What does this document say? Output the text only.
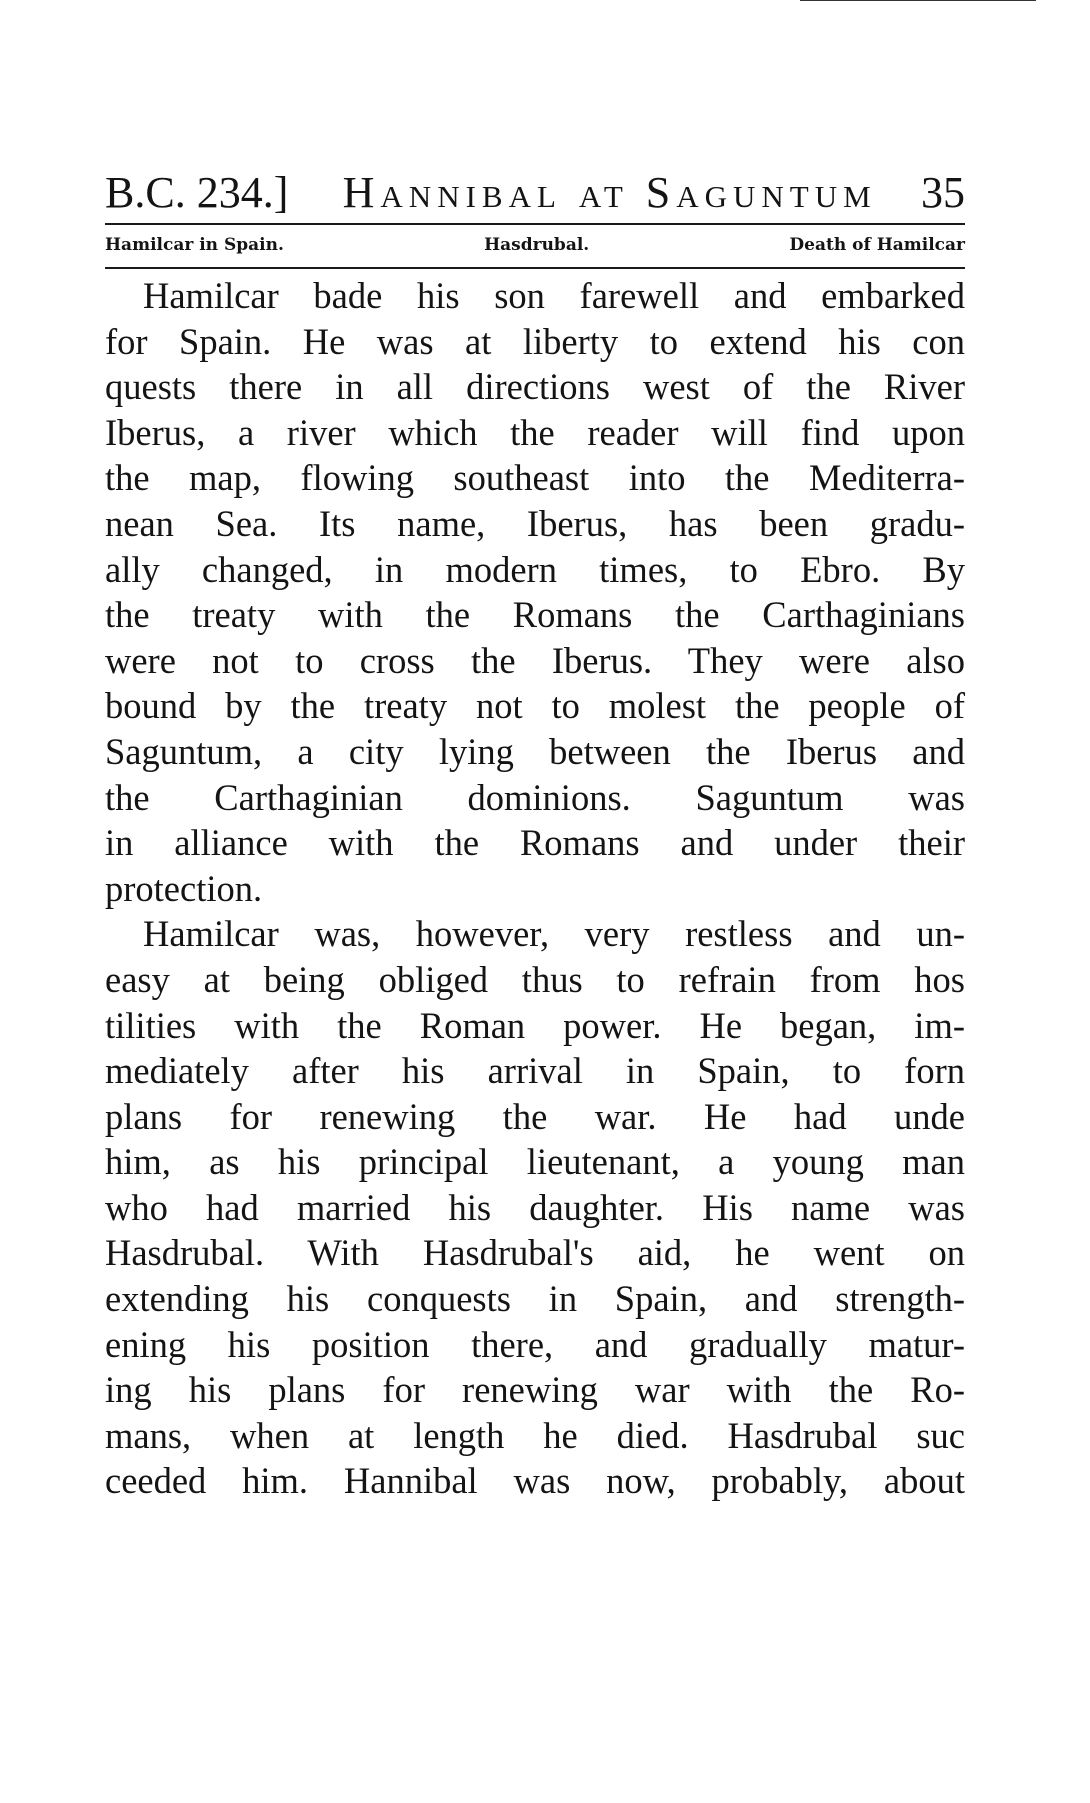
B.C. 234.]	Hannibal at Saguntum	35
Hamilcar in Spain.	Hasdrubal.	Death of Hamilcar

Hamilcar bade his son farewell and embarked
for Spain. He was at liberty to extend his con
quests there in all directions west of the River
Iberus, a river which the reader will find upon
the map, flowing southeast into the Mediterra-
nean Sea. Its name, Iberus, has been gradu-
ally changed, in modern times, to Ebro. By
the treaty with the Romans the Carthaginians
were not to cross the Iberus. They were also
bound by the treaty not to molest the people of
Saguntum, a city lying between the Iberus and
the Carthaginian dominions. Saguntum was
in alliance with the Romans and under their
protection.

Hamilcar was, however, very restless and un-
easy at being obliged thus to refrain from hos
tilities with the Roman power. He began, im-
mediately after his arrival in Spain, to forn
plans for renewing the war. He had unde
him, as his principal lieutenant, a young man
who had married his daughter. His name was
Hasdrubal. With Hasdrubal's aid, he went on
extending his conquests in Spain, and strength-
ening his position there, and gradually matur-
ing his plans for renewing war with the Ro-
mans, when at length he died. Hasdrubal suc
ceeded him. Hannibal was now, probably, about
